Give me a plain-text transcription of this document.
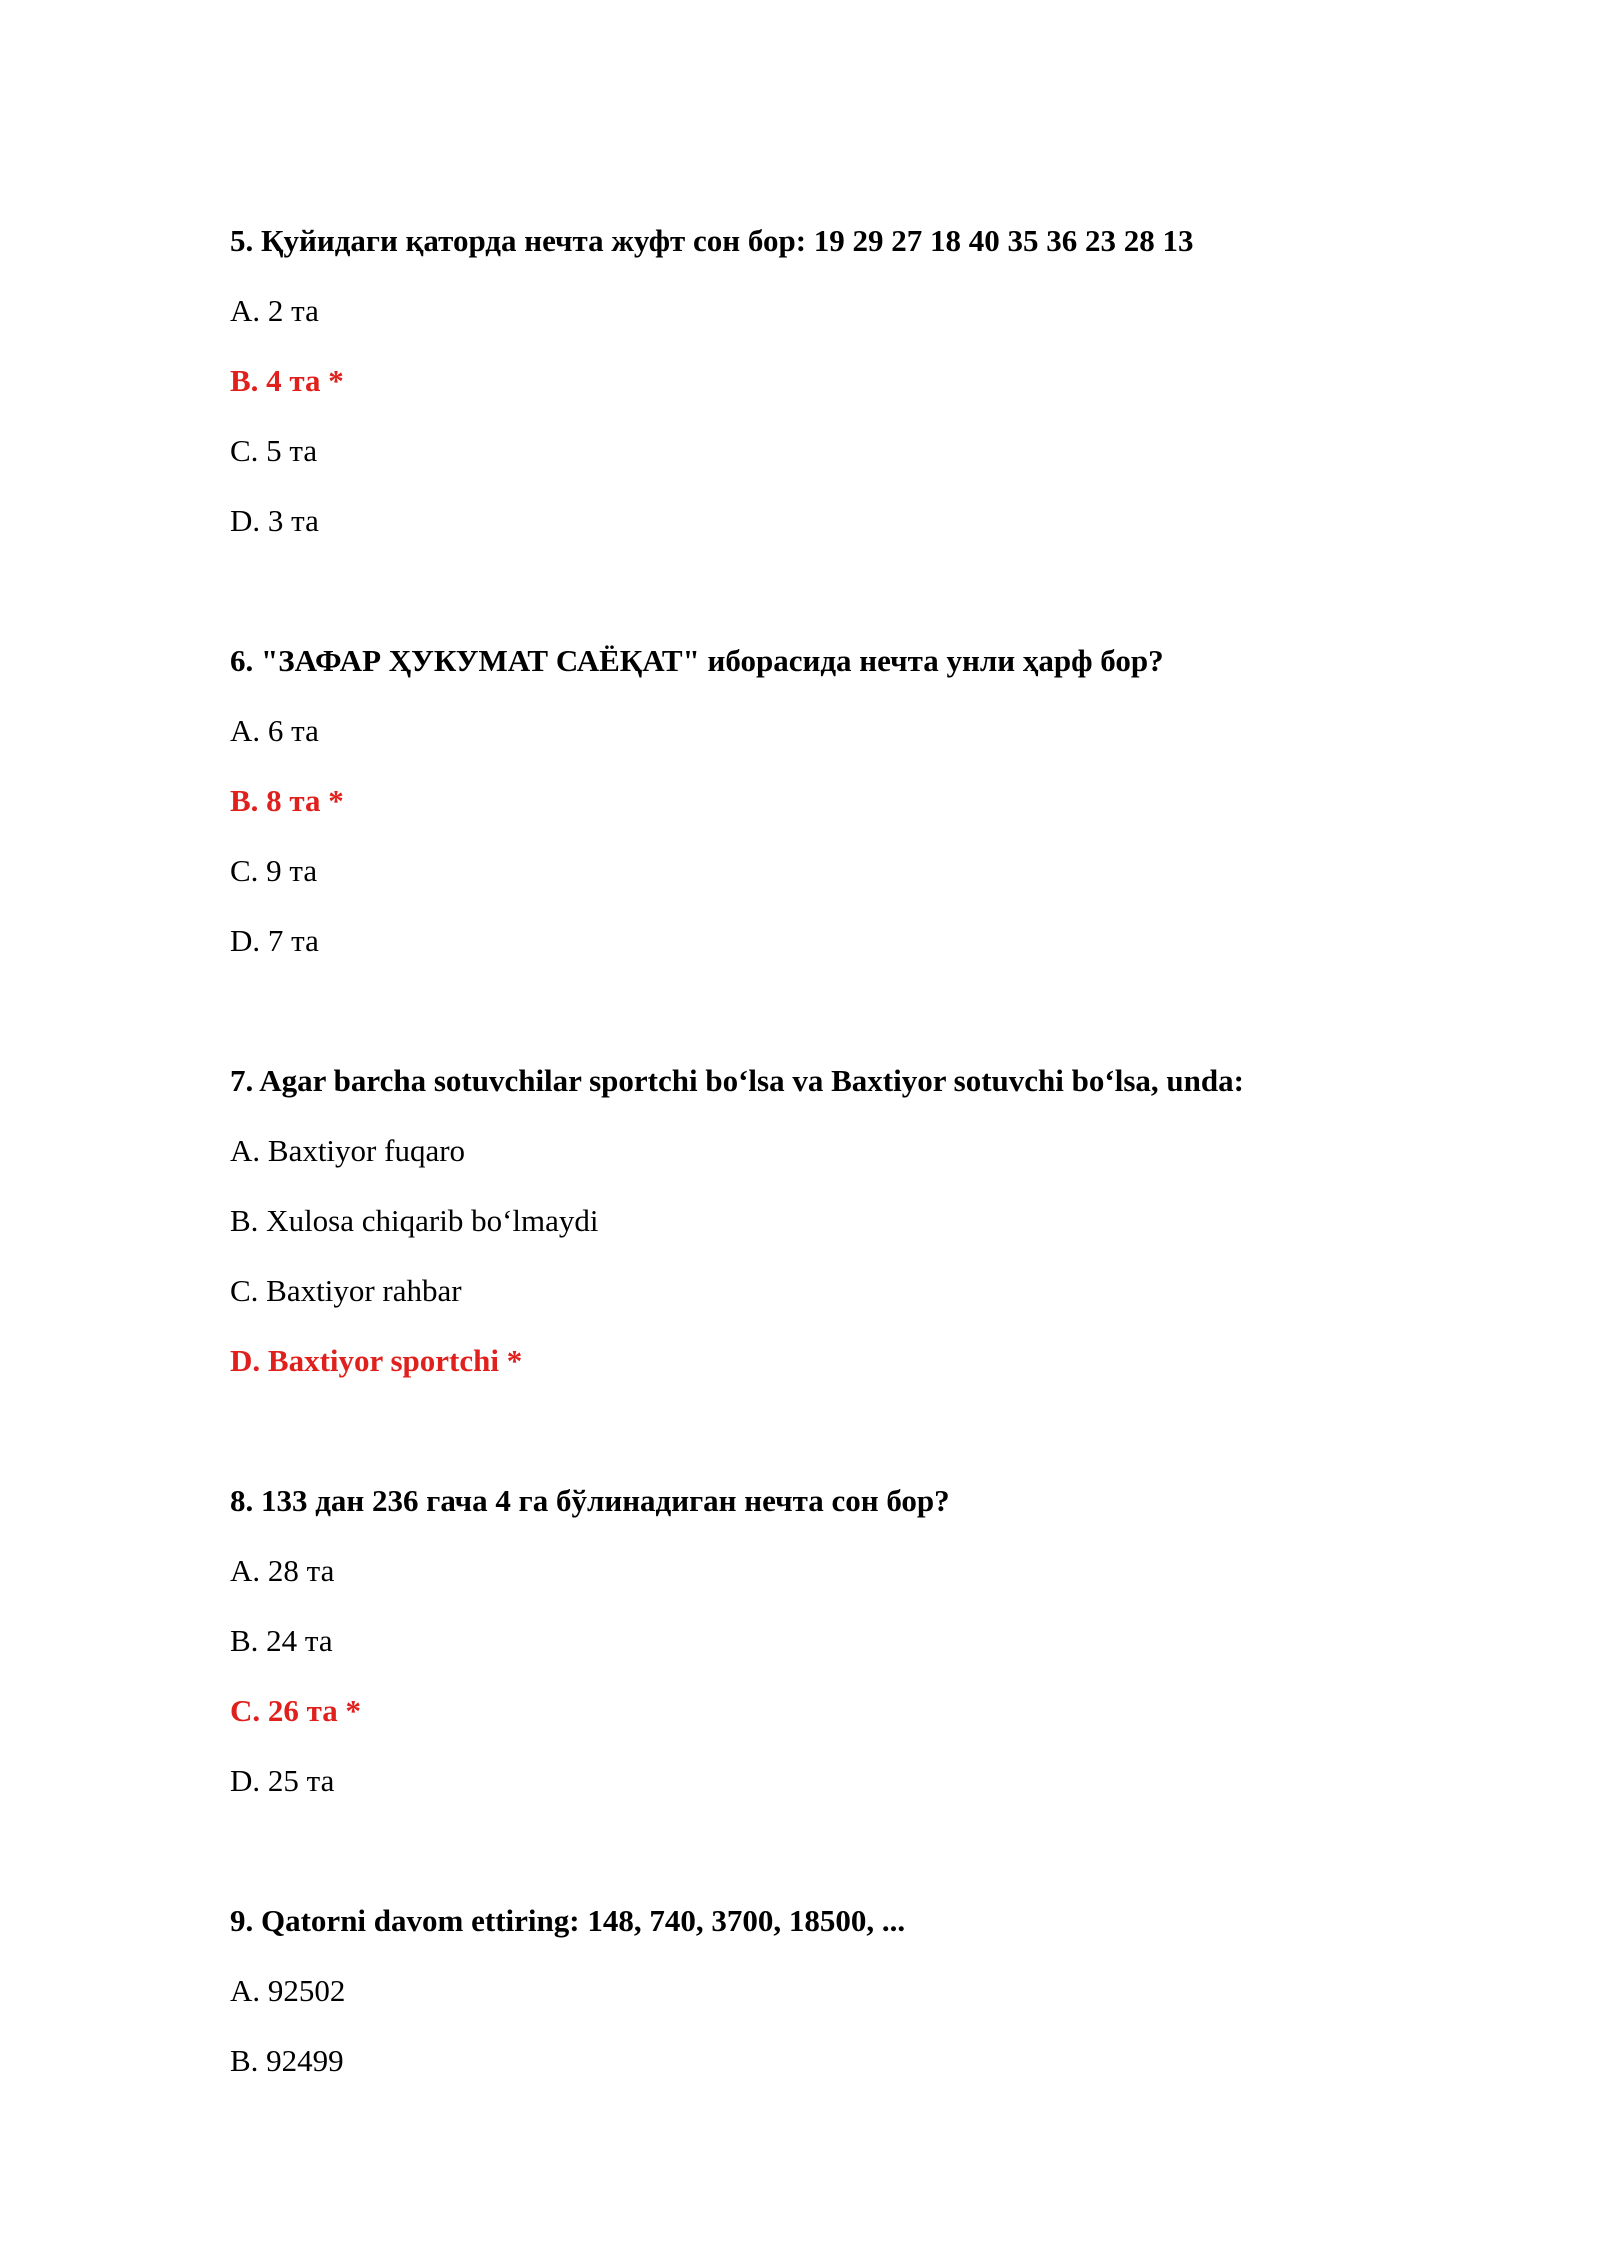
5. Қуйидаги қаторда нечта жуфт сон бор: 19 29 27 18 40 35 36 23 28 13

A. 2 та
B. 4 та *
C. 5 та
D. 3 та

6. "ЗАФАР ҲУКУМАТ САЁҚАТ" иборасида нечта унли ҳарф бор?

A. 6 та
B. 8 та *
C. 9 та
D. 7 та

7. Agar barcha sotuvchilar sportchi bo‘lsa va Baxtiyor sotuvchi bo‘lsa, unda:

A. Baxtiyor fuqaro
B. Xulosa chiqarib bo‘lmaydi
C. Baxtiyor rahbar
D. Baxtiyor sportchi *

8. 133 дан 236 гача 4 га бўлинадиган нечта сон бор?

A. 28 та
B. 24 та
C. 26 та *
D. 25 та

9. Qatorni davom ettiring: 148, 740, 3700, 18500, ...

A. 92502
B. 92499
